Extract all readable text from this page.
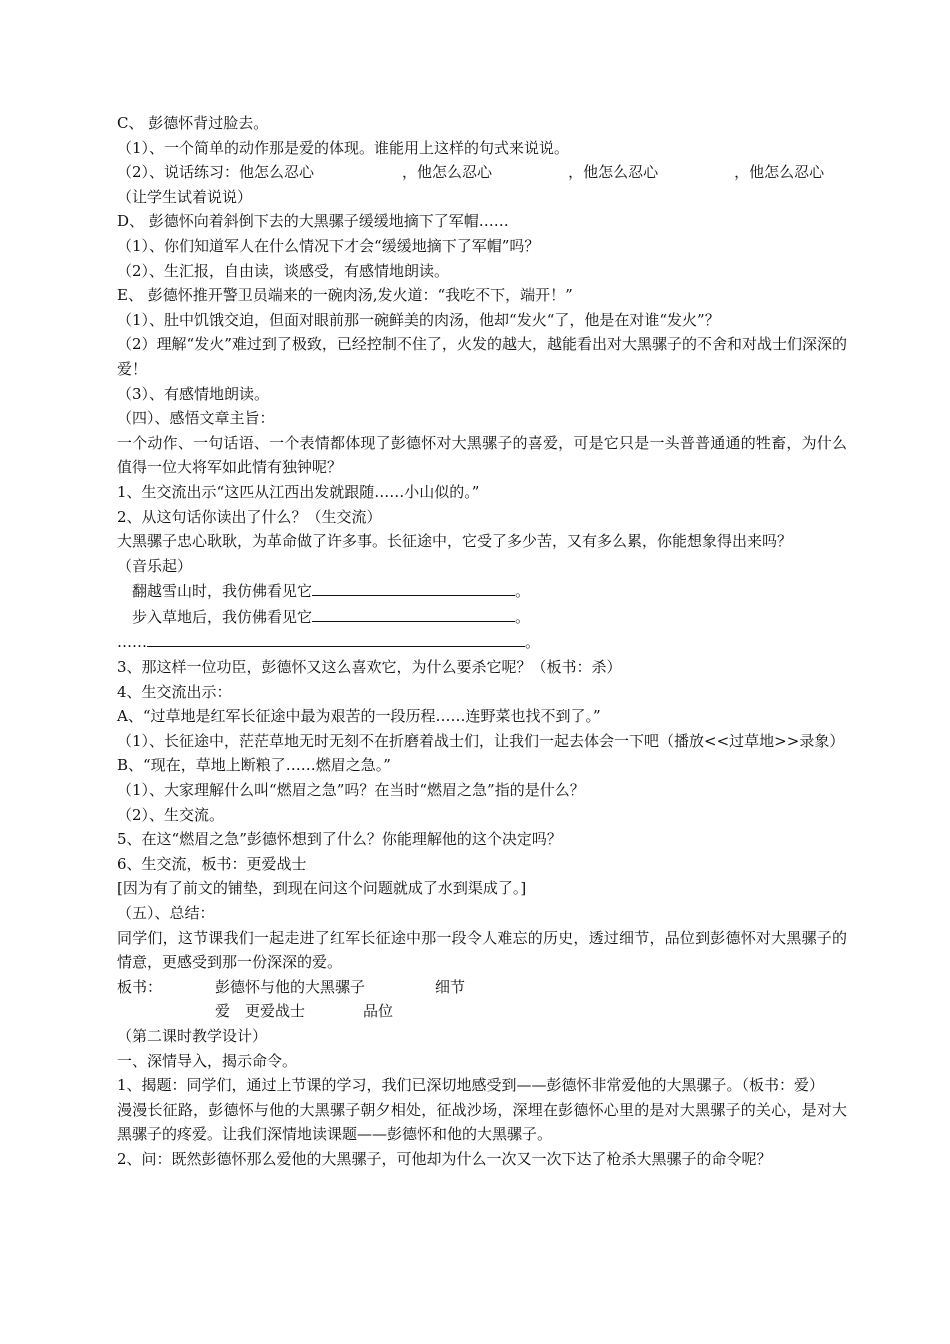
C、 彭德怀背过脸去。
（1）、一个简单的动作那是爱的体现。谁能用上这样的句式来说说。
（2）、说话练习：他怎么忍心	，他怎么忍心	，他怎么忍心	，他怎么忍心
（让学生试着说说）
D、 彭德怀向着斜倒下去的大黑骡子缓缓地摘下了军帽……
（1）、你们知道军人在什么情况下才会“缓缓地摘下了军帽”吗？
（2）、生汇报，自由读，谈感受，有感情地朗读。
E、 彭德怀推开警卫员端来的一碗肉汤,发火道：“我吃不下，端开！”
（1）、肚中饥饿交迫，但面对眼前那一碗鲜美的肉汤，他却“发火“了，他是在对谁“发火”？
（2）理解“发火”难过到了极致，已经控制不住了，火发的越大，越能看出对大黑骡子的不舍和对战士们深深的爱！
（3）、有感情地朗读。
（四）、感悟文章主旨：
一个动作、一句话语、一个表情都体现了彭德怀对大黑骡子的喜爱，可是它只是一头普普通通的牲畜，为什么值得一位大将军如此情有独钟呢？
1、生交流出示“这匹从江西出发就跟随……小山似的。”
2、从这句话你读出了什么？（生交流）
大黑骡子忠心耿耿，为革命做了许多事。长征途中，它受了多少苦，又有多么累，你能想象得出来吗？
（音乐起）
　翻越雪山时，我仿佛看见它	。
　步入草地后，我仿佛看见它	。
……	。
3、那这样一位功臣，彭德怀又这么喜欢它，为什么要杀它呢？（板书：杀）
4、生交流出示：
A、“过草地是红军长征途中最为艰苦的一段历程……连野菜也找不到了。”
（1）、长征途中，茫茫草地无时无刻不在折磨着战士们，让我们一起去体会一下吧（播放<<过草地>>录象）
B、“现在，草地上断粮了……燃眉之急。”
（1）、大家理解什么叫“燃眉之急”吗？在当时“燃眉之急”指的是什么？
（2）、生交流。
5、在这“燃眉之急”彭德怀想到了什么？你能理解他的这个决定吗？
6、生交流，板书：更爱战士
[因为有了前文的铺垫，到现在问这个问题就成了水到渠成了。]
（五）、总结：
同学们，这节课我们一起走进了红军长征途中那一段令人难忘的历史，透过细节，品位到彭德怀对大黑骡子的情意，更感受到那一份深深的爱。
板书：	彭德怀与他的大黑骡子	细节
爱　更爱战士	品位
（第二课时教学设计）
一、深情导入，揭示命令。
1、揭题：同学们，通过上节课的学习，我们已深切地感受到——彭德怀非常爱他的大黑骡子。（板书：爱）
漫漫长征路，彭德怀与他的大黑骡子朝夕相处，征战沙场，深埋在彭德怀心里的是对大黑骡子的关心，是对大黑骡子的疼爱。让我们深情地读课题——彭德怀和他的大黑骡子。
2、问：既然彭德怀那么爱他的大黑骡子，可他却为什么一次又一次下达了枪杀大黑骡子的命令呢？
